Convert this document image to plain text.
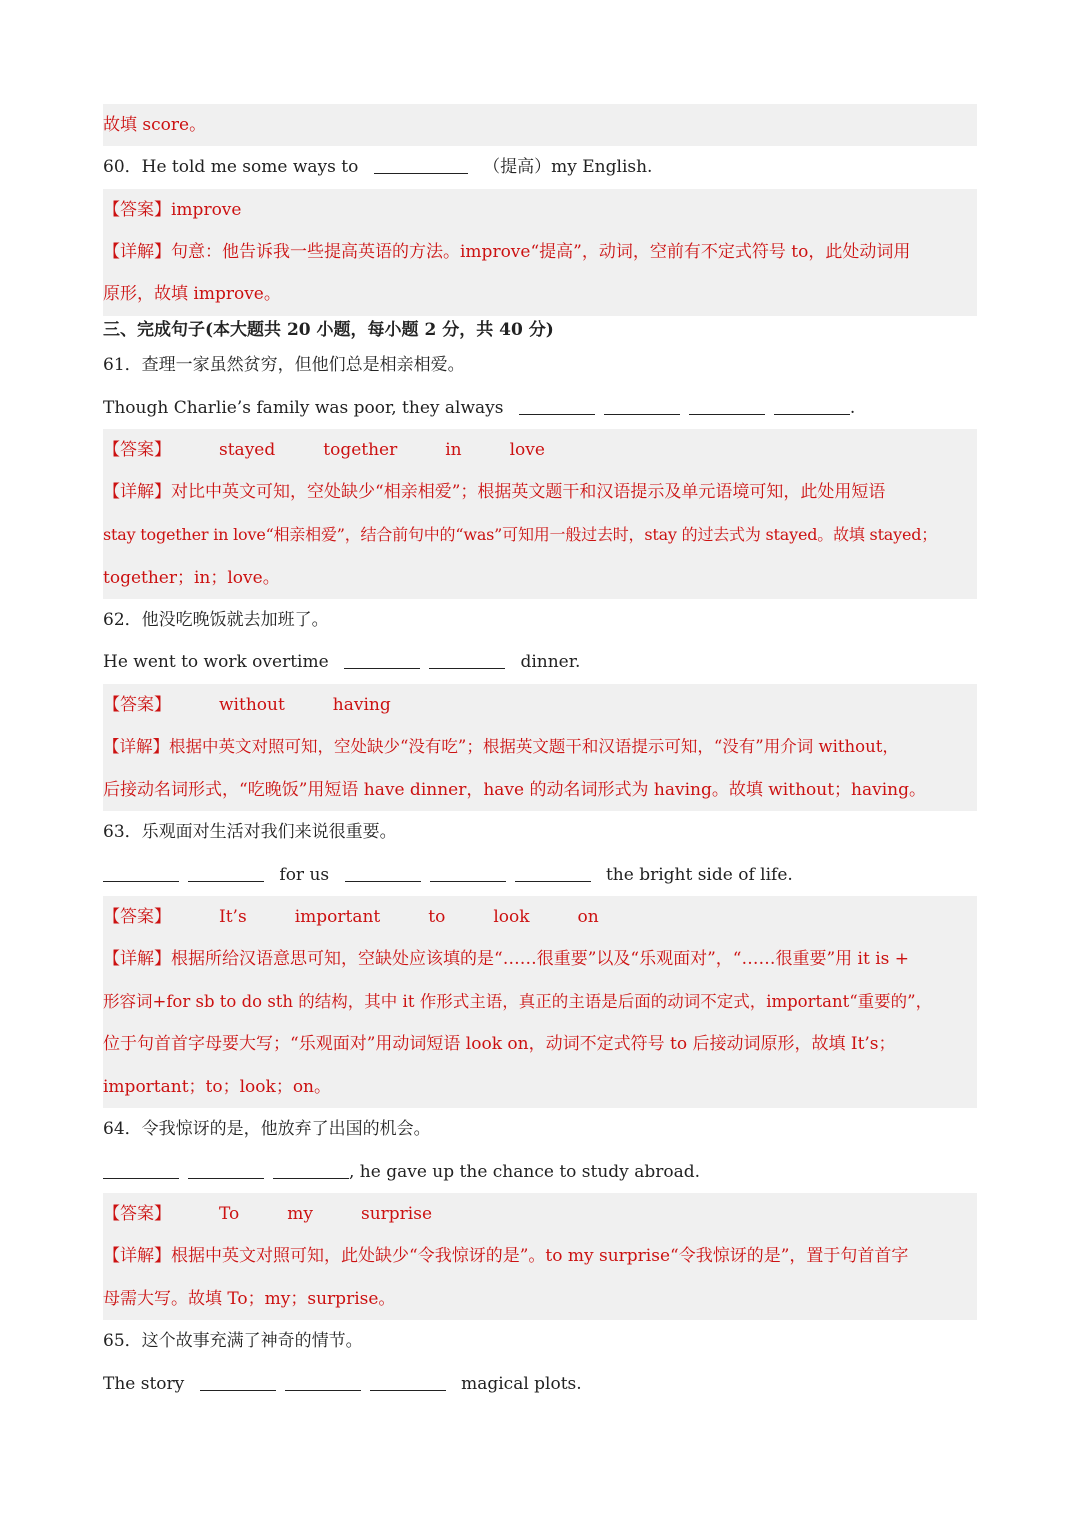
故填 score。
60．He told me some ways to	（提高）my English.
【答案】improve
【详解】句意：他告诉我一些提高英语的方法。improve“提高”，动词，空前有不定式符号 to，此处动词用
原形，故填 improve。
三、完成句子(本大题共 20 小题，每小题 2 分，共 40 分)
61．查理一家虽然贫穷，但他们总是相亲相爱。
Though Charlie’s family was poor, they always	.
【答案】	stayed	together	in	love
【详解】对比中英文可知，空处缺少“相亲相爱”；根据英文题干和汉语提示及单元语境可知，此处用短语
stay together in love“相亲相爱”，结合前句中的“was”可知用一般过去时，stay 的过去式为 stayed。故填 stayed；
together；in；love。
62．他没吃晚饭就去加班了。
He went to work overtime	dinner.
【答案】	without	having
【详解】根据中英文对照可知，空处缺少“没有吃”；根据英文题干和汉语提示可知，“没有”用介词 without，
后接动名词形式，“吃晚饭”用短语 have dinner，have 的动名词形式为 having。故填 without；having。
63．乐观面对生活对我们来说很重要。
for us	the bright side of life.
【答案】	It’s	important	to	look	on
【详解】根据所给汉语意思可知，空缺处应该填的是“……很重要”以及“乐观面对”，“……很重要”用 it is +
形容词+for sb to do sth 的结构，其中 it 作形式主语，真正的主语是后面的动词不定式，important“重要的”，
位于句首首字母要大写；“乐观面对”用动词短语 look on，动词不定式符号 to 后接动词原形，故填 It’s；
important；to；look；on。
64．令我惊讶的是，他放弃了出国的机会。
, he gave up the chance to study abroad.
【答案】	To	my	surprise
【详解】根据中英文对照可知，此处缺少“令我惊讶的是”。to my surprise“令我惊讶的是”，置于句首首字
母需大写。故填 To；my；surprise。
65．这个故事充满了神奇的情节。
The story	magical plots.
